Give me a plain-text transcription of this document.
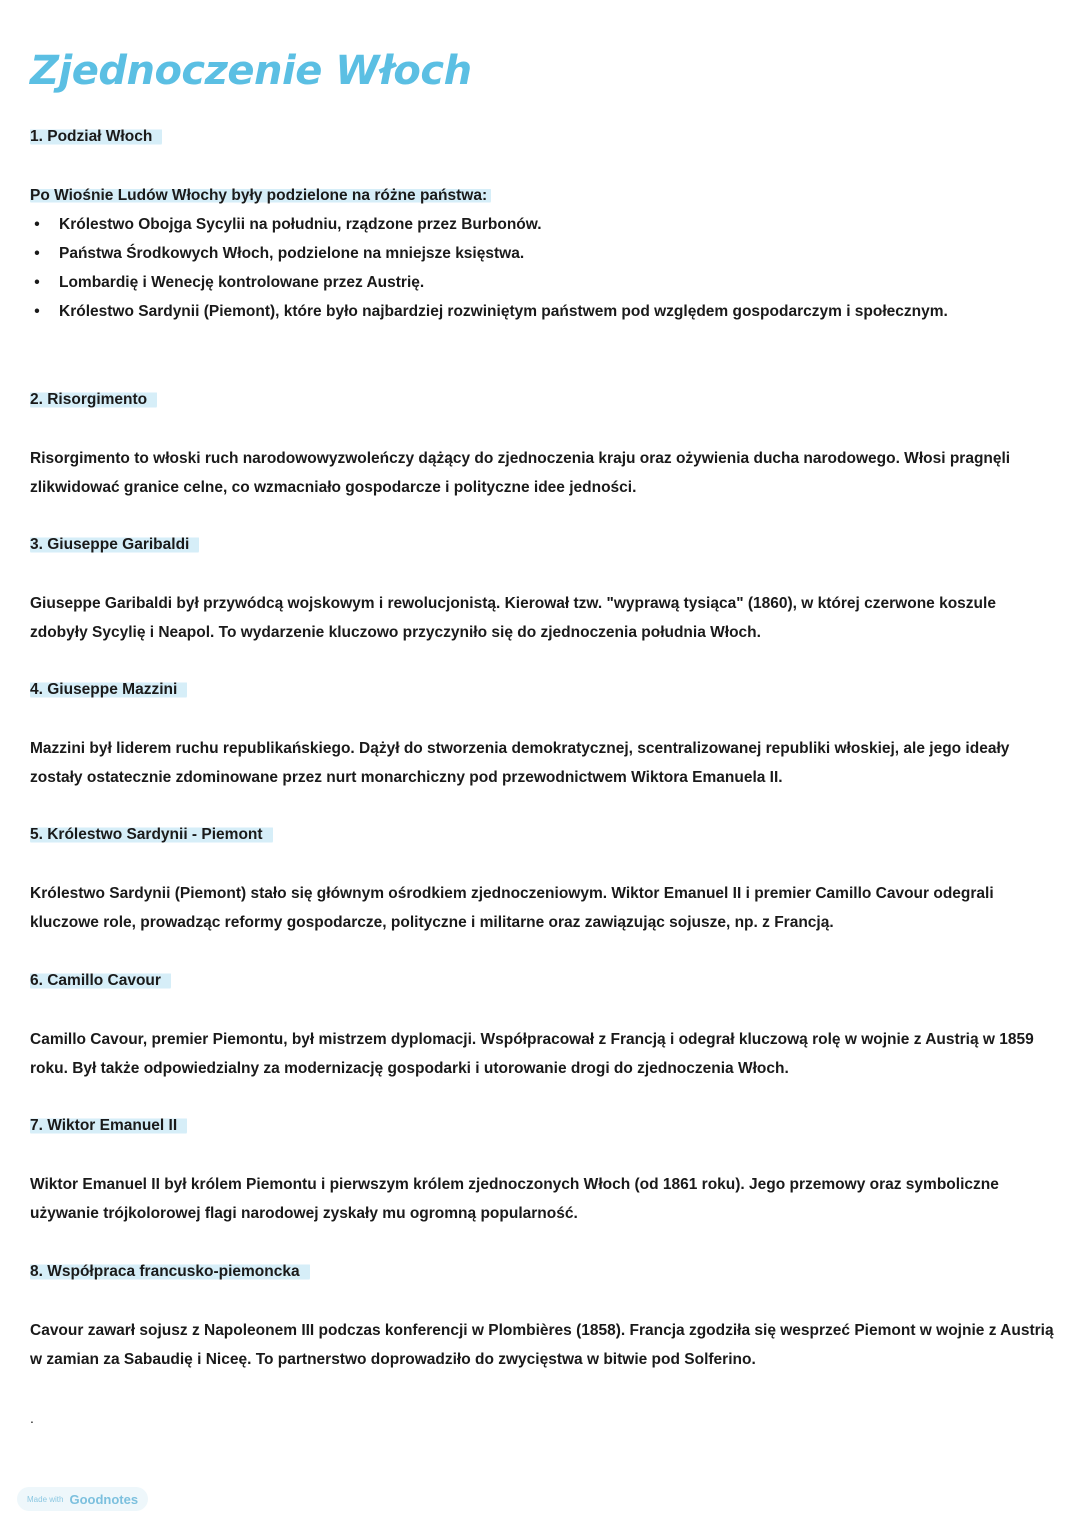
Zjednoczenie Włoch
1. Podział Włoch

Po Wiośnie Ludów Włochy były podzielone na różne państwa:

• Królestwo Obojga Sycylii na południu, rządzone przez Burbonów.
• Państwa Środkowych Włoch, podzielone na mniejsze księstwa.
• Lombardię i Wenecję kontrolowane przez Austrię.
• Królestwo Sardynii (Piemont), które było najbardziej rozwiniętym państwem pod względem gospodarczym i społecznym.
2. Risorgimento

Risorgimento to włoski ruch narodowowyzwoleńczy dążący do zjednoczenia kraju oraz ożywienia ducha narodowego. Włosi pragnęli zlikwidować granice celne, co wzmacniało gospodarcze i polityczne idee jedności.

3. Giuseppe Garibaldi

Giuseppe Garibaldi był przywódcą wojskowym i rewolucjonistą. Kierował tzw. "wyprawą tysiąca" (1860), w której czerwone koszule zdobyły Sycylię i Neapol. To wydarzenie kluczowo przyczyniło się do zjednoczenia południa Włoch.

4. Giuseppe Mazzini

Mazzini był liderem ruchu republikańskiego. Dążył do stworzenia demokratycznej, scentralizowanej republiki włoskiej, ale jego ideały zostały ostatecznie zdominowane przez nurt monarchiczny pod przewodnictwem Wiktora Emanuela II.

5. Królestwo Sardynii - Piemont

Królestwo Sardynii (Piemont) stało się głównym ośrodkiem zjednoczeniowym. Wiktor Emanuel II i premier Camillo Cavour odegrali kluczowe role, prowadząc reformy gospodarcze, polityczne i militarne oraz zawiązując sojusze, np. z Francją.

6. Camillo Cavour

Camillo Cavour, premier Piemontu, był mistrzem dyplomacji. Współpracował z Francją i odegrał kluczową rolę w wojnie z Austrią w 1859 roku. Był także odpowiedzialny za modernizację gospodarki i utorowanie drogi do zjednoczenia Włoch.

7. Wiktor Emanuel II

Wiktor Emanuel II był królem Piemontu i pierwszym królem zjednoczonych Włoch (od 1861 roku). Jego przemowy oraz symboliczne używanie trójkolorowej flagi narodowej zyskały mu ogromną popularność.

8. Współpraca francusko-piemoncka

Cavour zawarł sojusz z Napoleonem III podczas konferencji w Plombières (1858). Francja zgodziła się wesprzeć Piemont w wojnie z Austrią w zamian za Sabaudię i Niceę. To partnerstwo doprowadziło do zwycięstwa w bitwie pod Solferino.

.
Made with Goodnotes
